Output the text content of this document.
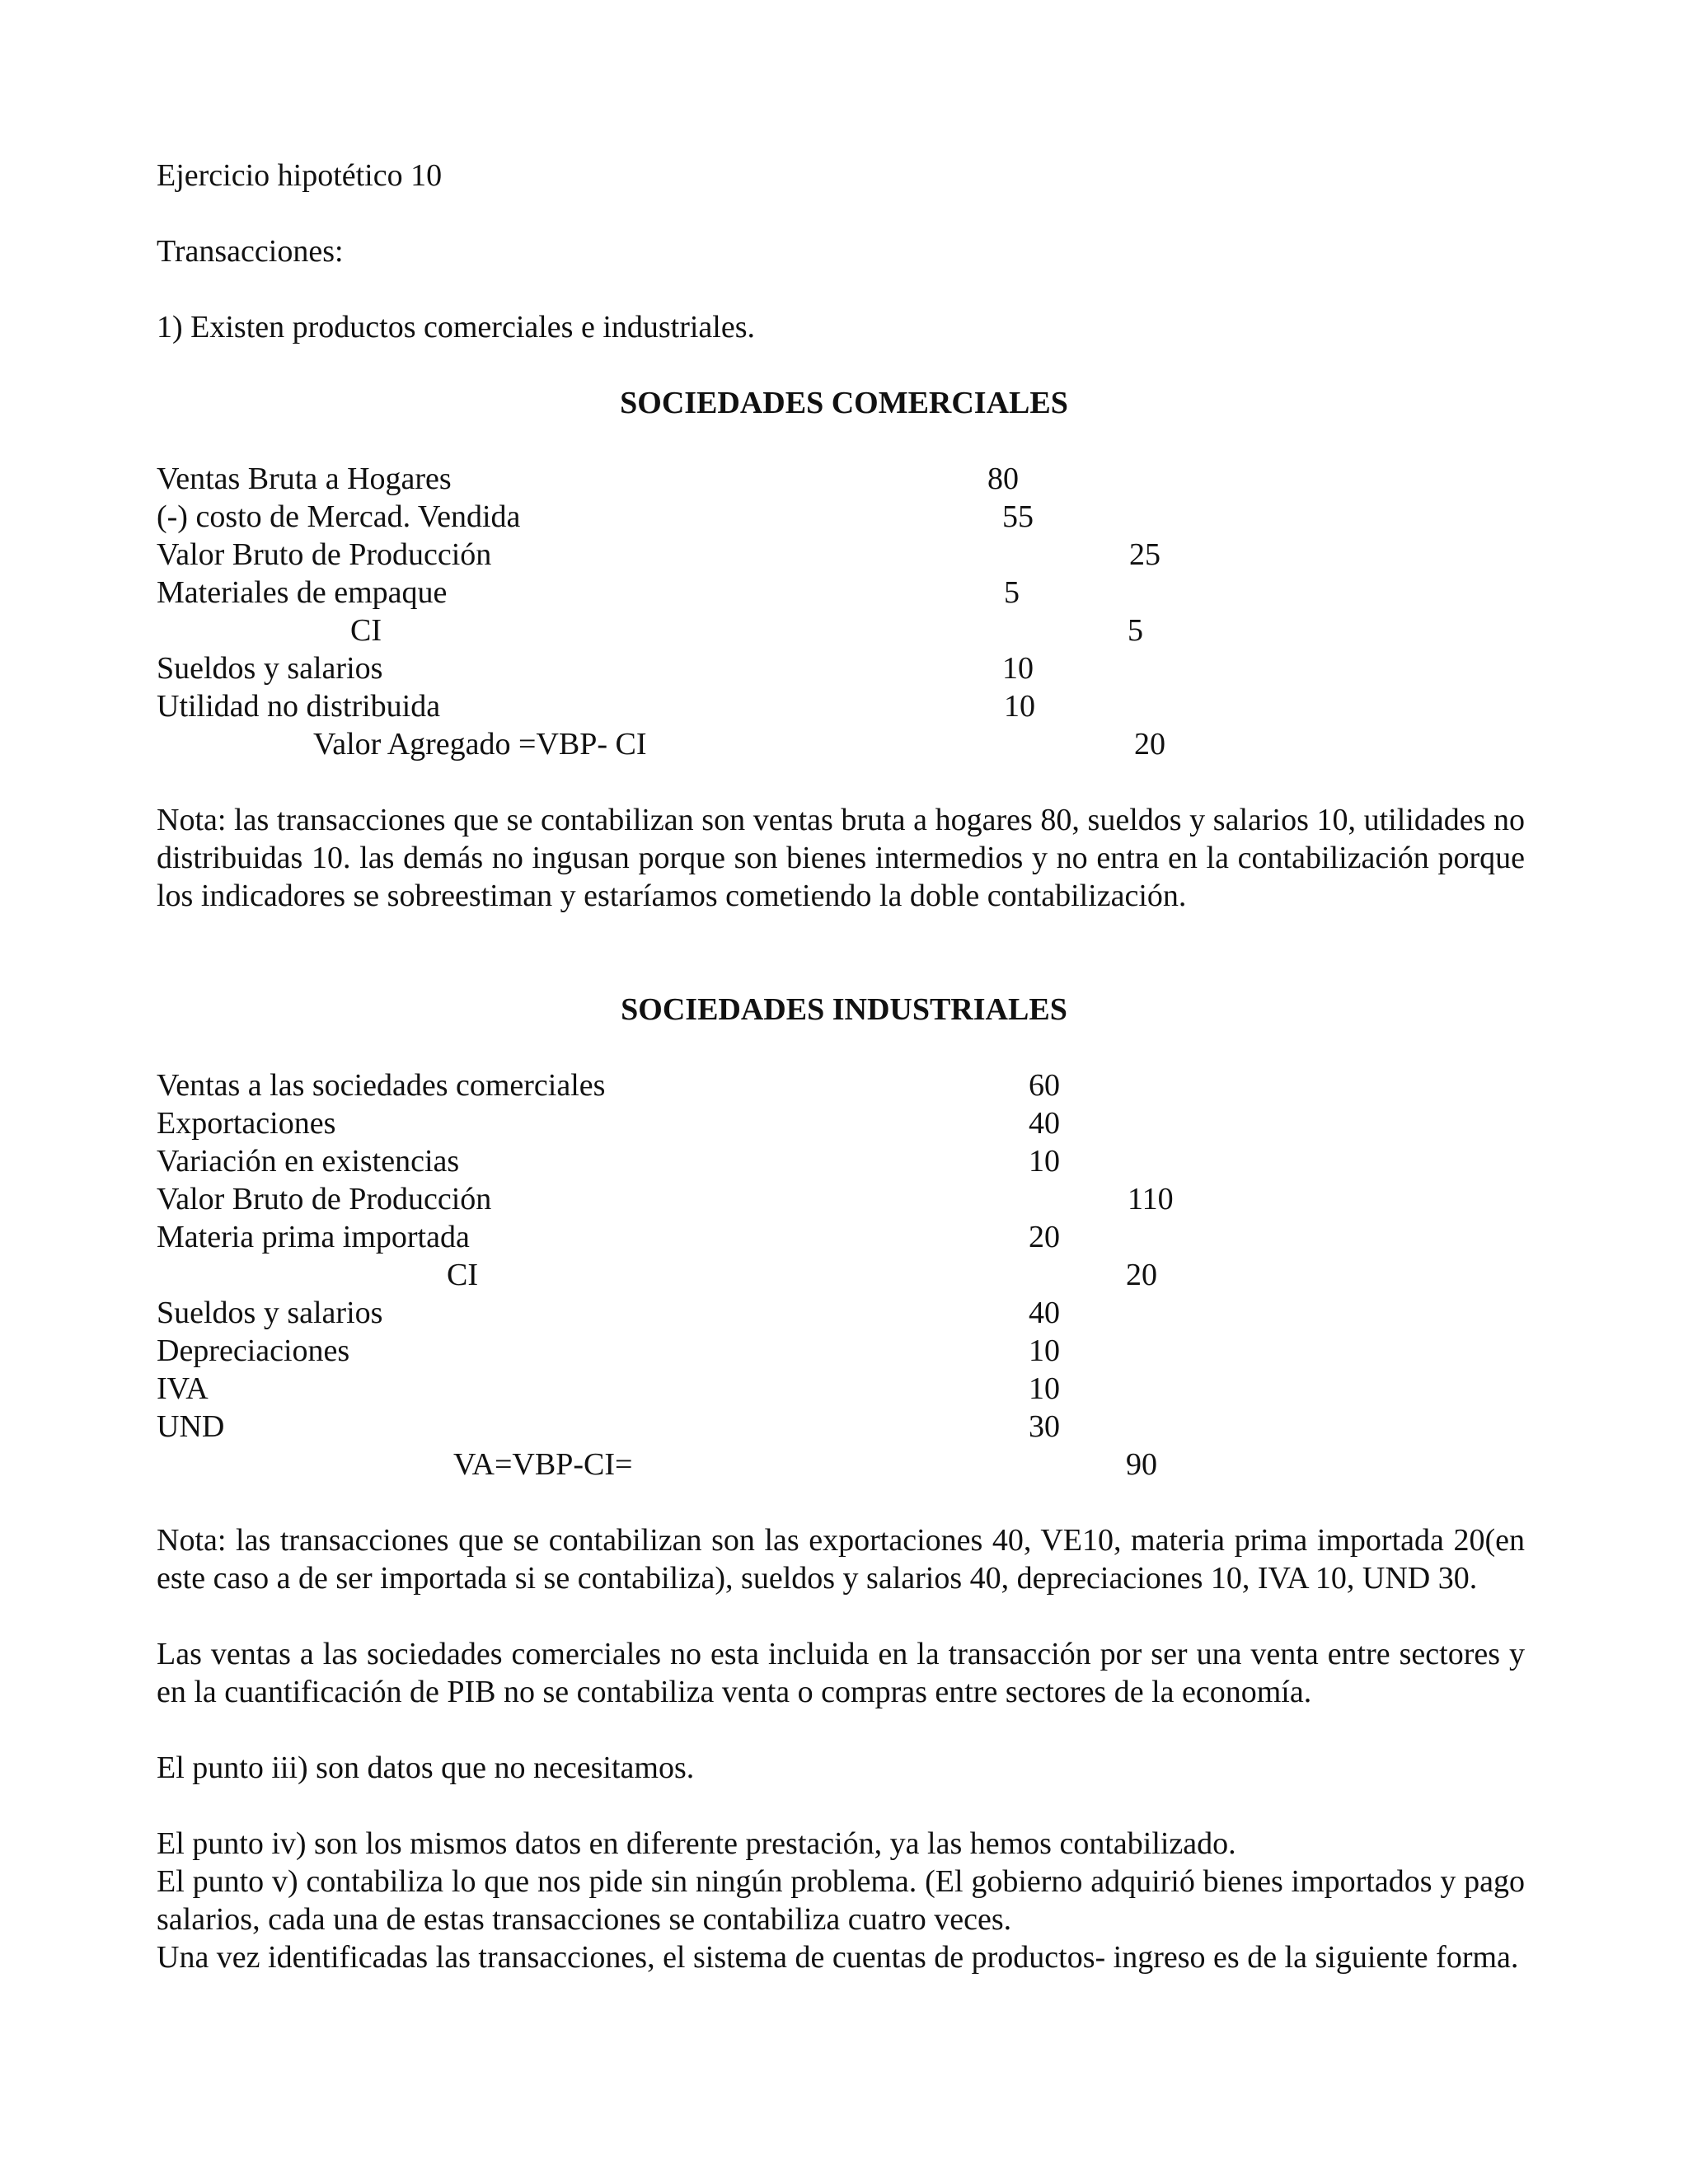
Ejercicio hipotético 10
Transacciones:
1) Existen productos comerciales e industriales.
SOCIEDADES COMERCIALES
Ventas Bruta a Hogares	80
(-) costo de Mercad. Vendida	55
Valor Bruto de Producción	25
Materiales de empaque	5
CI	5
Sueldos y salarios	10
Utilidad no distribuida	10
Valor Agregado =VBP- CI	20
Nota: las transacciones que se contabilizan son ventas bruta a hogares 80, sueldos y salarios 10, utilidades no distribuidas 10. las demás no ingusan porque son bienes intermedios y no entra en la contabilización porque los indicadores se sobreestiman y estaríamos cometiendo la doble contabilización.
SOCIEDADES INDUSTRIALES
Ventas a las sociedades comerciales	60
Exportaciones	40
Variación en existencias	10
Valor Bruto de Producción	110
Materia prima importada	20
CI	20
Sueldos y salarios	40
Depreciaciones	10
IVA	10
UND	30
VA=VBP-CI=	90
Nota: las transacciones que se contabilizan son las exportaciones 40, VE10, materia prima importada 20(en este caso a de ser importada si se contabiliza), sueldos y salarios 40, depreciaciones 10, IVA 10, UND 30.
Las ventas a las sociedades comerciales no esta incluida en la transacción por ser una venta entre sectores y en la cuantificación de PIB no se contabiliza venta o compras entre sectores de la economía.
El punto iii) son datos que no necesitamos.
El punto iv) son los mismos datos en diferente prestación, ya las hemos contabilizado.
El punto v) contabiliza lo que nos pide sin ningún problema. (El gobierno adquirió bienes importados y pago salarios, cada una de estas transacciones se contabiliza cuatro veces.
Una vez identificadas las transacciones, el sistema de cuentas de productos- ingreso es de la siguiente forma.
